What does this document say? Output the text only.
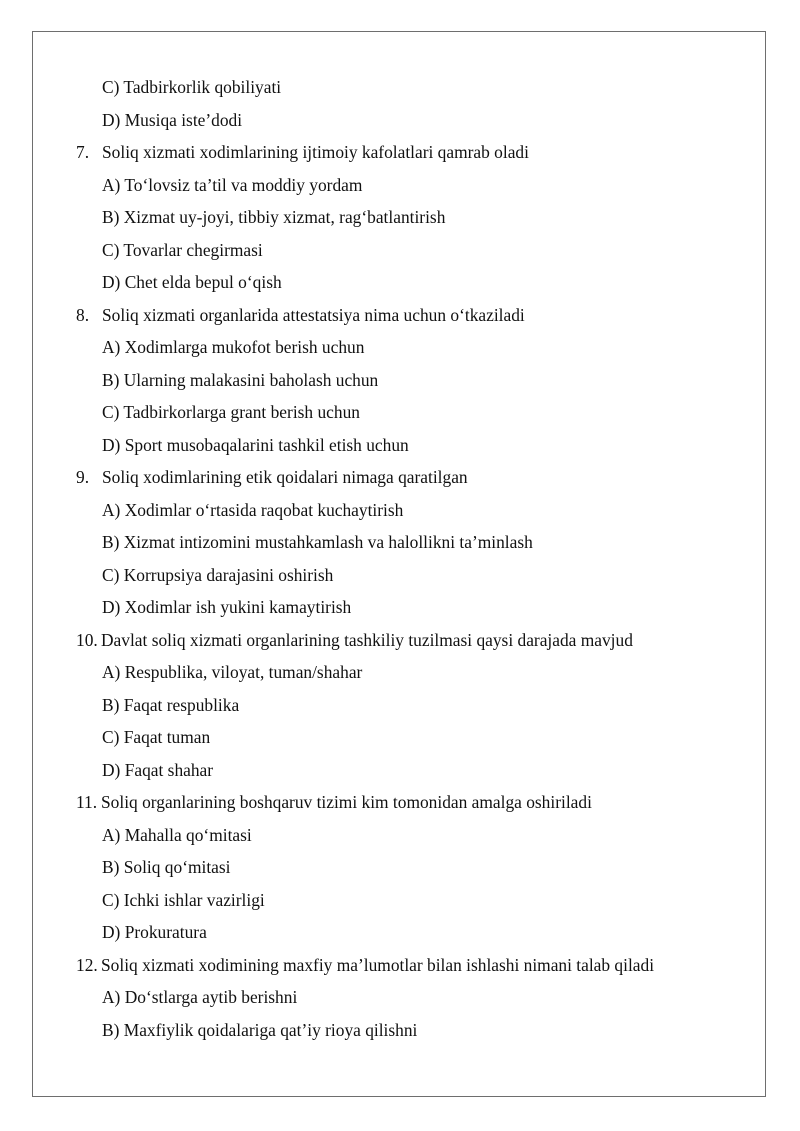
C) Tadbirkorlik qobiliyati
D) Musiqa iste’dodi
7. Soliq xizmati xodimlarining ijtimoiy kafolatlari qamrab oladi
A) To‘lovsiz ta’til va moddiy yordam
B) Xizmat uy-joyi, tibbiy xizmat, rag‘batlantirish
C) Tovarlar chegirmasi
D) Chet elda bepul o‘qish
8. Soliq xizmati organlarida attestatsiya nima uchun o‘tkaziladi
A) Xodimlarga mukofot berish uchun
B) Ularning malakasini baholash uchun
C) Tadbirkorlarga grant berish uchun
D) Sport musobaqalarini tashkil etish uchun
9. Soliq xodimlarining etik qoidalari nimaga qaratilgan
A) Xodimlar o‘rtasida raqobat kuchaytirish
B) Xizmat intizomini mustahkamlash va halollikni ta’minlash
C) Korrupsiya darajasini oshirish
D) Xodimlar ish yukini kamaytirish
10. Davlat soliq xizmati organlarining tashkiliy tuzilmasi qaysi darajada mavjud
A) Respublika, viloyat, tuman/shahar
B) Faqat respublika
C) Faqat tuman
D) Faqat shahar
11. Soliq organlarining boshqaruv tizimi kim tomonidan amalga oshiriladi
A) Mahalla qo‘mitasi
B) Soliq qo‘mitasi
C) Ichki ishlar vazirligi
D) Prokuratura
12. Soliq xizmati xodimining maxfiy ma’lumotlar bilan ishlashi nimani talab qiladi
A) Do‘stlarga aytib berishni
B) Maxfiylik qoidalariga qat’iy rioya qilishni
